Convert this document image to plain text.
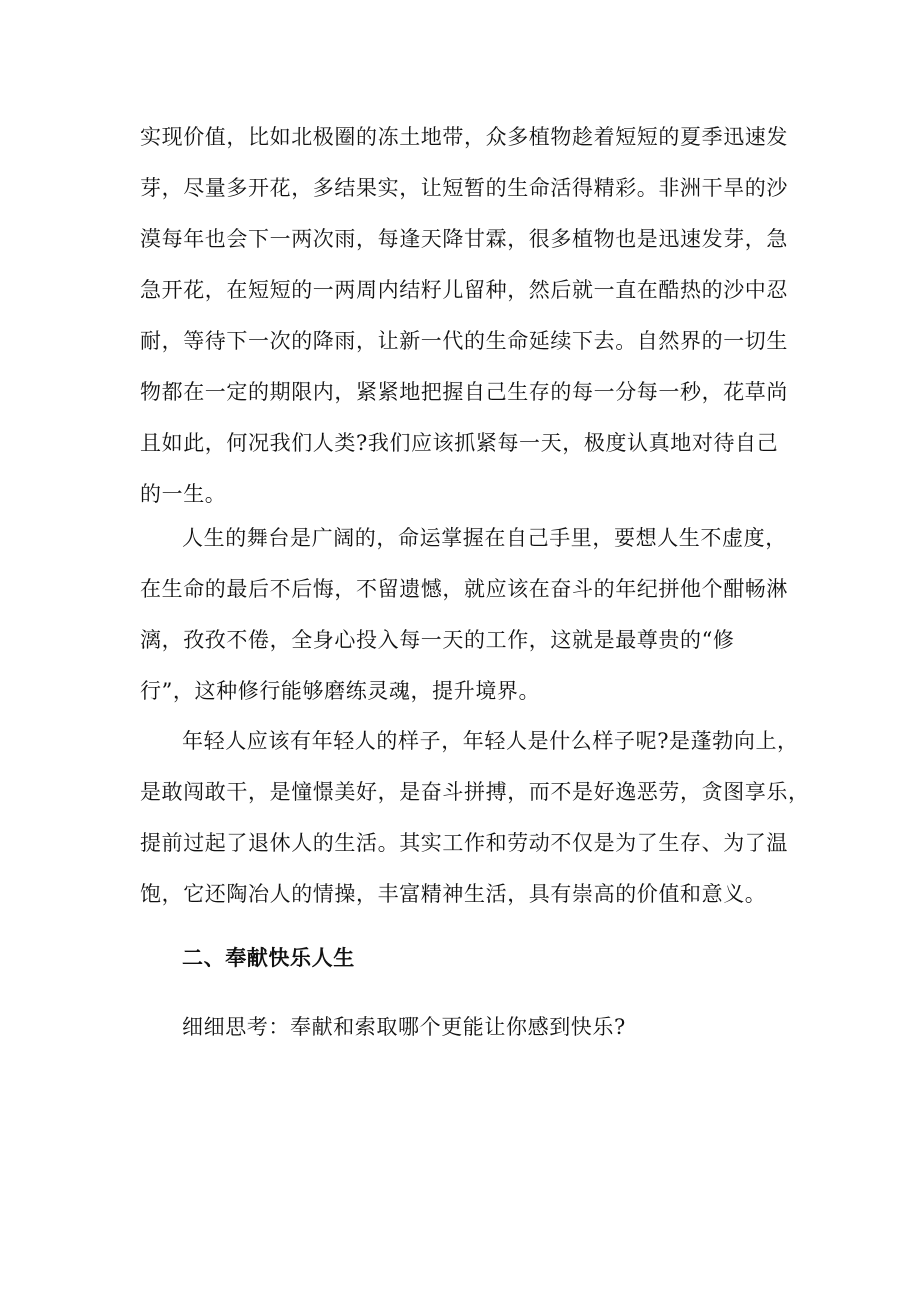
实现价值，比如北极圈的冻土地带，众多植物趁着短短的夏季迅速发
芽，尽量多开花，多结果实，让短暂的生命活得精彩。非洲干旱的沙
漠每年也会下一两次雨，每逢天降甘霖，很多植物也是迅速发芽，急
急开花，在短短的一两周内结籽儿留种，然后就一直在酷热的沙中忍
耐，等待下一次的降雨，让新一代的生命延续下去。自然界的一切生
物都在一定的期限内，紧紧地把握自己生存的每一分每一秒，花草尚
且如此，何况我们人类?我们应该抓紧每一天，极度认真地对待自己
的一生。
人生的舞台是广阔的，命运掌握在自己手里，要想人生不虚度，
在生命的最后不后悔，不留遗憾，就应该在奋斗的年纪拼他个酣畅淋
漓，孜孜不倦，全身心投入每一天的工作，这就是最尊贵的“修
行”，这种修行能够磨练灵魂，提升境界。
年轻人应该有年轻人的样子，年轻人是什么样子呢?是蓬勃向上，
是敢闯敢干，是憧憬美好，是奋斗拼搏，而不是好逸恶劳，贪图享乐，
提前过起了退休人的生活。其实工作和劳动不仅是为了生存、为了温
饱，它还陶冶人的情操，丰富精神生活，具有崇高的价值和意义。
二、奉献快乐人生
细细思考：奉献和索取哪个更能让你感到快乐?
